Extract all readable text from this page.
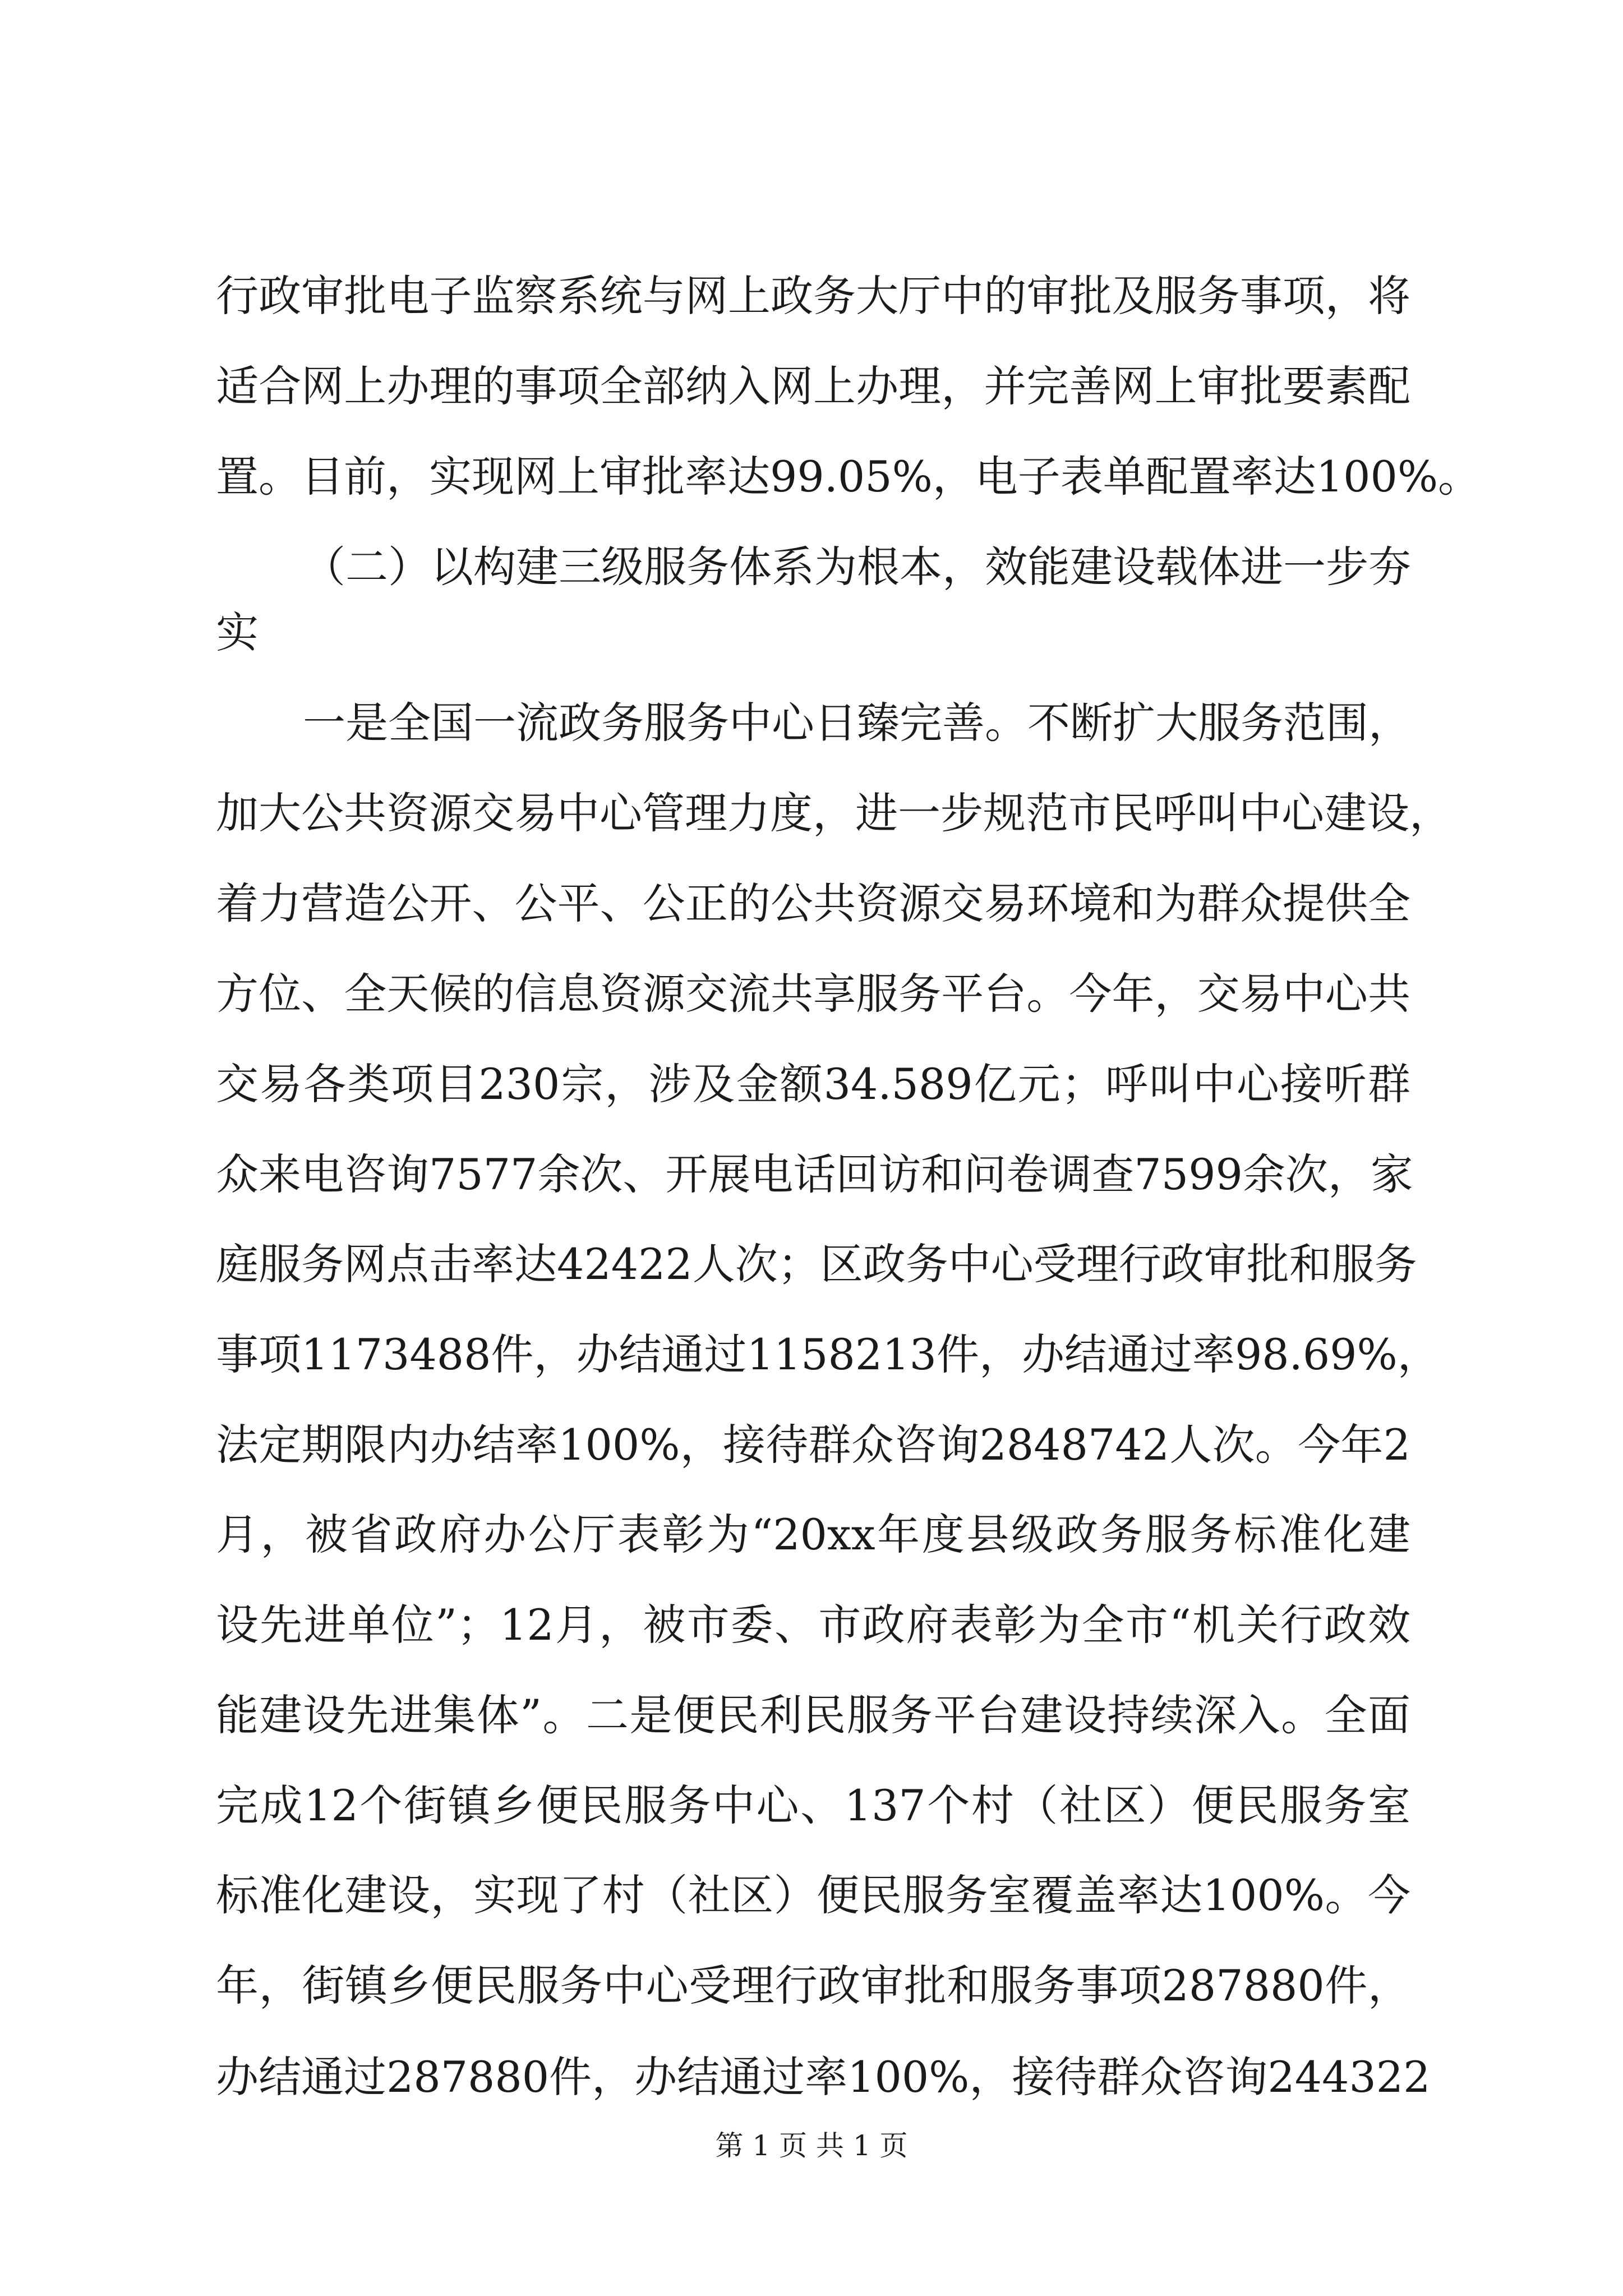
行政审批电子监察系统与网上政务大厅中的审批及服务事项，将
适合网上办理的事项全部纳入网上办理，并完善网上审批要素配
置。目前，实现网上审批率达99.05%，电子表单配置率达100%。
（二）以构建三级服务体系为根本，效能建设载体进一步夯
实
一是全国一流政务服务中心日臻完善。不断扩大服务范围，
加大公共资源交易中心管理力度，进一步规范市民呼叫中心建设，
着力营造公开、公平、公正的公共资源交易环境和为群众提供全
方位、全天候的信息资源交流共享服务平台。今年，交易中心共
交易各类项目230宗，涉及金额34.589亿元；呼叫中心接听群
众来电咨询7577余次、开展电话回访和问卷调查7599余次，家
庭服务网点击率达42422人次；区政务中心受理行政审批和服务
事项1173488件，办结通过1158213件，办结通过率98.69%，
法定期限内办结率100%，接待群众咨询2848742人次。今年2
月，被省政府办公厅表彰为“20xx年度县级政务服务标准化建
设先进单位”；12月，被市委、市政府表彰为全市“机关行政效
能建设先进集体”。二是便民利民服务平台建设持续深入。全面
完成12个街镇乡便民服务中心、137个村（社区）便民服务室
标准化建设，实现了村（社区）便民服务室覆盖率达100%。今
年，街镇乡便民服务中心受理行政审批和服务事项287880件，
办结通过287880件，办结通过率100%，接待群众咨询244322
第 1 页 共 1 页
